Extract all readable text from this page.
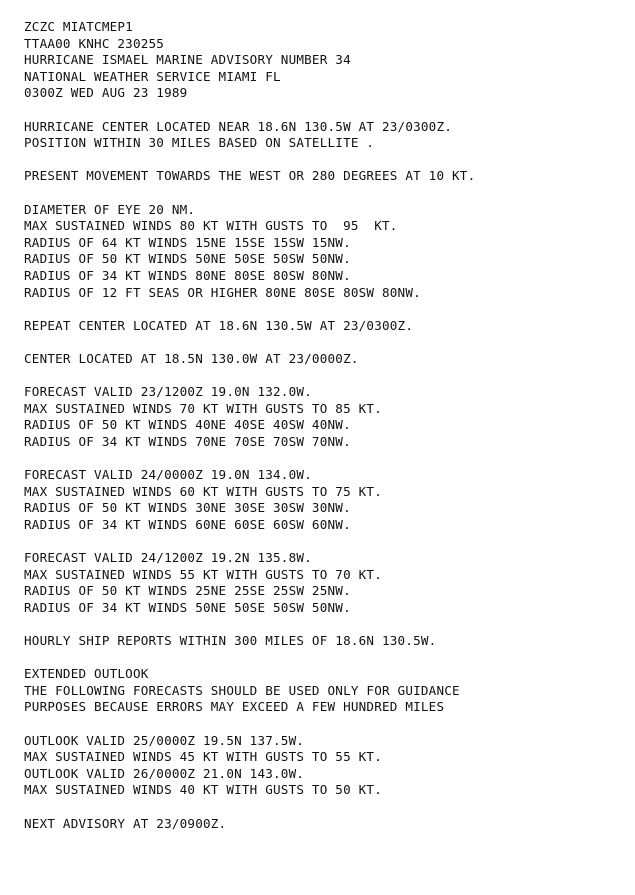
ZCZC MIATCMEP1
TTAA00 KNHC 230255
HURRICANE ISMAEL MARINE ADVISORY NUMBER 34
NATIONAL WEATHER SERVICE MIAMI FL
0300Z WED AUG 23 1989
HURRICANE CENTER LOCATED NEAR 18.6N 130.5W AT 23/0300Z.
POSITION WITHIN 30 MILES BASED ON SATELLITE .
PRESENT MOVEMENT TOWARDS THE WEST OR 280 DEGREES AT 10 KT.
DIAMETER OF EYE 20 NM.
MAX SUSTAINED WINDS 80 KT WITH GUSTS TO  95  KT.
RADIUS OF 64 KT WINDS 15NE 15SE 15SW 15NW.
RADIUS OF 50 KT WINDS 50NE 50SE 50SW 50NW.
RADIUS OF 34 KT WINDS 80NE 80SE 80SW 80NW.
RADIUS OF 12 FT SEAS OR HIGHER 80NE 80SE 80SW 80NW.
REPEAT CENTER LOCATED AT 18.6N 130.5W AT 23/0300Z.
CENTER LOCATED AT 18.5N 130.0W AT 23/0000Z.
FORECAST VALID 23/1200Z 19.0N 132.0W.
MAX SUSTAINED WINDS 70 KT WITH GUSTS TO 85 KT.
RADIUS OF 50 KT WINDS 40NE 40SE 40SW 40NW.
RADIUS OF 34 KT WINDS 70NE 70SE 70SW 70NW.
FORECAST VALID 24/0000Z 19.0N 134.0W.
MAX SUSTAINED WINDS 60 KT WITH GUSTS TO 75 KT.
RADIUS OF 50 KT WINDS 30NE 30SE 30SW 30NW.
RADIUS OF 34 KT WINDS 60NE 60SE 60SW 60NW.
FORECAST VALID 24/1200Z 19.2N 135.8W.
MAX SUSTAINED WINDS 55 KT WITH GUSTS TO 70 KT.
RADIUS OF 50 KT WINDS 25NE 25SE 25SW 25NW.
RADIUS OF 34 KT WINDS 50NE 50SE 50SW 50NW.
HOURLY SHIP REPORTS WITHIN 300 MILES OF 18.6N 130.5W.
EXTENDED OUTLOOK
THE FOLLOWING FORECASTS SHOULD BE USED ONLY FOR GUIDANCE
PURPOSES BECAUSE ERRORS MAY EXCEED A FEW HUNDRED MILES
OUTLOOK VALID 25/0000Z 19.5N 137.5W.
MAX SUSTAINED WINDS 45 KT WITH GUSTS TO 55 KT.
OUTLOOK VALID 26/0000Z 21.0N 143.0W.
MAX SUSTAINED WINDS 40 KT WITH GUSTS TO 50 KT.
NEXT ADVISORY AT 23/0900Z.
